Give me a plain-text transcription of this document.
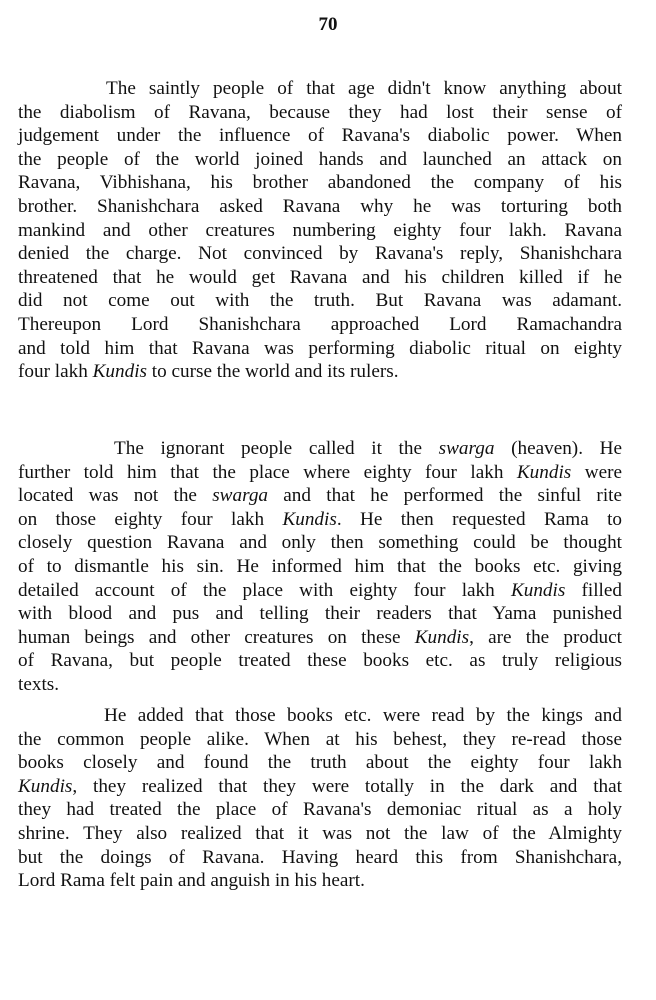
70
The saintly people of that age didn't know anything about
the diabolism of Ravana, because they had lost their sense of
judgement under the influence of Ravana's diabolic power. When
the people of the world joined hands and launched an attack on
Ravana, Vibhishana, his brother abandoned the company of his
brother. Shanishchara asked Ravana why he was torturing both
mankind and other creatures numbering eighty four lakh. Ravana
denied the charge. Not convinced by Ravana's reply, Shanishchara
threatened that he would get Ravana and his children killed if he
did not come out with the truth. But Ravana was adamant.
Thereupon Lord Shanishchara approached Lord Ramachandra
and told him that Ravana was performing diabolic ritual on eighty
four lakh Kundis to curse the world and its rulers.
The ignorant people called it the swarga (heaven). He
further told him that the place where eighty four lakh Kundis were
located was not the swarga and that he performed the sinful rite
on those eighty four lakh Kundis. He then requested Rama to
closely question Ravana and only then something could be thought
of to dismantle his sin. He informed him that the books etc. giving
detailed account of the place with eighty four lakh Kundis filled
with blood and pus and telling their readers that Yama punished
human beings and other creatures on these Kundis, are the product
of Ravana, but people treated these books etc. as truly religious
texts.
He added that those books etc. were read by the kings and
the common people alike. When at his behest, they re-read those
books closely and found the truth about the eighty four lakh
Kundis, they realized that they were totally in the dark and that
they had treated the place of Ravana's demoniac ritual as a holy
shrine. They also realized that it was not the law of the Almighty
but the doings of Ravana. Having heard this from Shanishchara,
Lord Rama felt pain and anguish in his heart.
